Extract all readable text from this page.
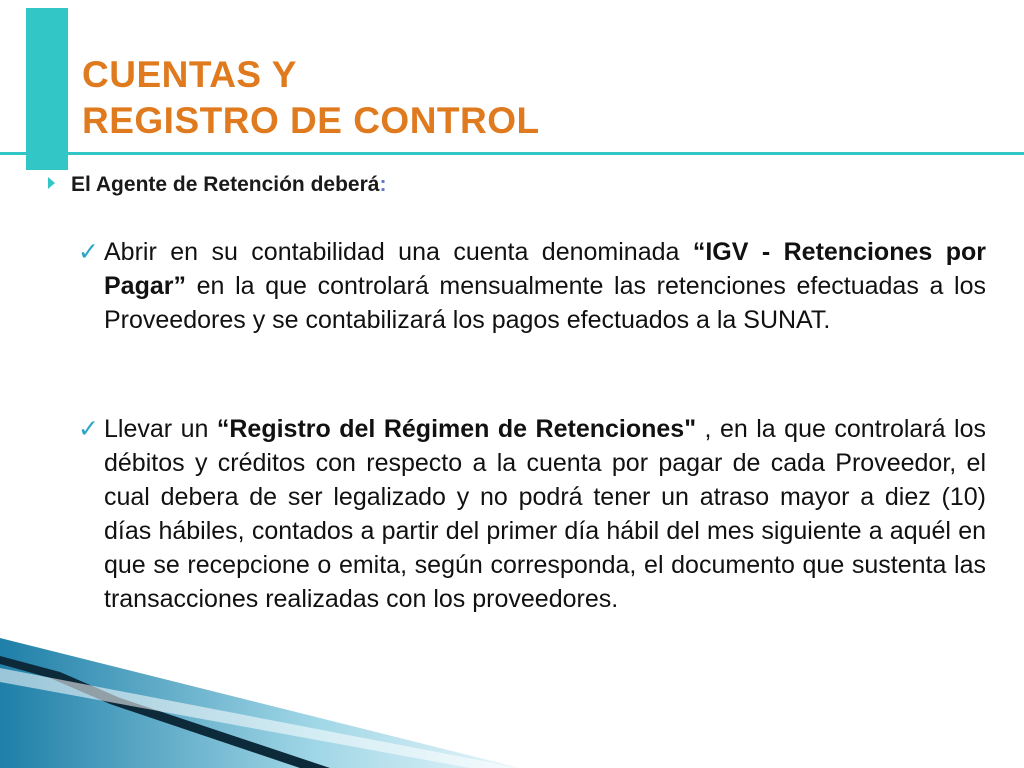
CUENTAS Y
REGISTRO DE CONTROL
El Agente de Retención deberá:
✓ Abrir en su contabilidad una cuenta denominada “IGV - Retenciones por Pagar” en la que controlará mensualmente las retenciones efectuadas a los Proveedores y se contabilizará los pagos efectuados a la SUNAT.
✓ Llevar un “Registro del Régimen de Retenciones" , en la que controlará los débitos y créditos con respecto a la cuenta por pagar de cada Proveedor, el cual debera de ser legalizado y no podrá tener un atraso mayor a diez (10) días hábiles, contados a partir del primer día hábil del mes siguiente a aquél en que se recepcione o emita, según corresponda, el documento que sustenta las transacciones realizadas con los proveedores.
